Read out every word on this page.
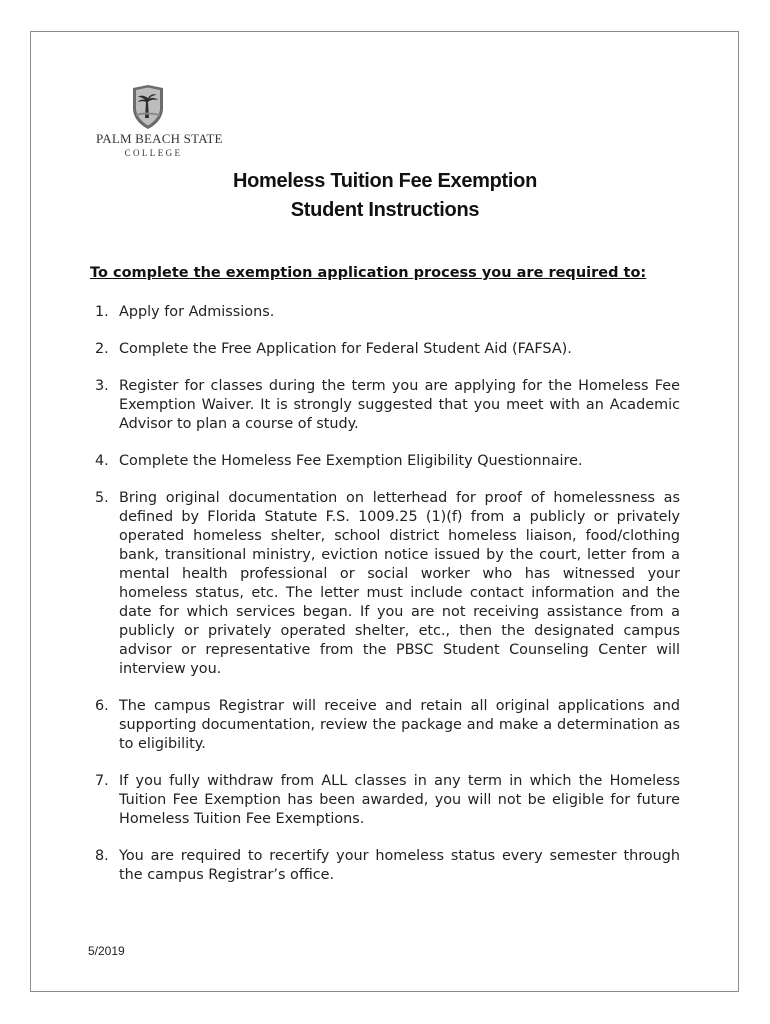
PALM BEACH STATE
COLLEGE
Homeless Tuition Fee Exemption
Student Instructions
To complete the exemption application process you are required to:
1. Apply for Admissions.
2. Complete the Free Application for Federal Student Aid (FAFSA).
3. Register for classes during the term you are applying for the Homeless Fee Exemption Waiver. It is strongly suggested that you meet with an Academic Advisor to plan a course of study.
4. Complete the Homeless Fee Exemption Eligibility Questionnaire.
5. Bring original documentation on letterhead for proof of homelessness as defined by Florida Statute F.S. 1009.25 (1)(f) from a publicly or privately operated homeless shelter, school district homeless liaison, food/clothing bank, transitional ministry, eviction notice issued by the court, letter from a mental health professional or social worker who has witnessed your homeless status, etc. The letter must include contact information and the date for which services began. If you are not receiving assistance from a publicly or privately operated shelter, etc., then the designated campus advisor or representative from the PBSC Student Counseling Center will interview you.
6. The campus Registrar will receive and retain all original applications and supporting documentation, review the package and make a determination as to eligibility.
7. If you fully withdraw from ALL classes in any term in which the Homeless Tuition Fee Exemption has been awarded, you will not be eligible for future Homeless Tuition Fee Exemptions.
8. You are required to recertify your homeless status every semester through the campus Registrar’s office.
5/2019
